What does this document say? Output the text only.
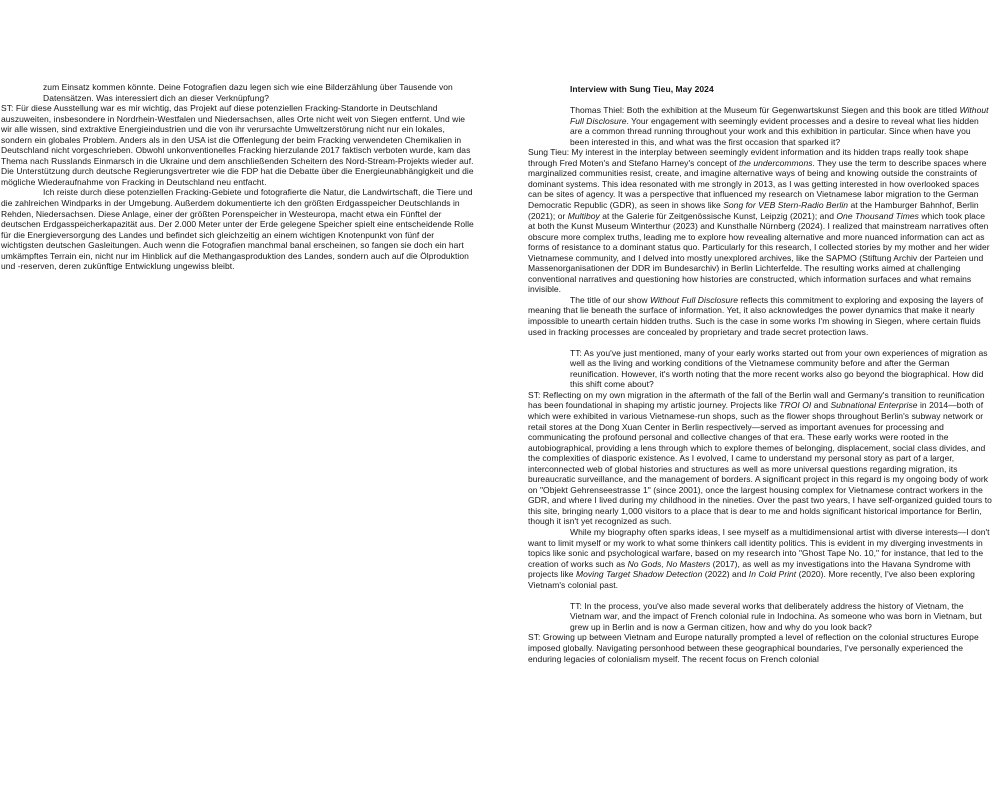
zum Einsatz kommen könnte. Deine Fotografien dazu legen sich wie eine Bilderzählung über Tausende von Datensätzen. Was interessiert dich an dieser Verknüpfung?

ST: Für diese Ausstellung war es mir wichtig, das Projekt auf diese potenziellen Fracking-Standorte in Deutschland auszuweiten, insbesondere in Nordrhein-Westfalen und Niedersachsen, alles Orte nicht weit von Siegen entfernt. Und wie wir alle wissen, sind extraktive Energieindustrien und die von ihr verursachte Umweltzerstörung nicht nur ein lokales, sondern ein globales Problem. Anders als in den USA ist die Offenlegung der beim Fracking verwendeten Chemikalien in Deutschland nicht vorgeschrieben. Obwohl unkonventionelles Fracking hierzulande 2017 faktisch verboten wurde, kam das Thema nach Russlands Einmarsch in die Ukraine und dem anschließenden Scheitern des Nord-Stream-Projekts wieder auf. Die Unterstützung durch deutsche Regierungsvertreter wie die FDP hat die Debatte über die Energieunabhängigkeit und die mögliche Wiederaufnahme von Fracking in Deutschland neu entfacht.

Ich reiste durch diese potenziellen Fracking-Gebiete und fotografierte die Natur, die Landwirtschaft, die Tiere und die zahlreichen Windparks in der Umgebung. Außerdem dokumentierte ich den größten Erdgasspeicher Deutschlands in Rehden, Niedersachsen. Diese Anlage, einer der größten Porenspeicher in Westeuropa, macht etwa ein Fünftel der deutschen Erdgasspeicherkapazität aus. Der 2.000 Meter unter der Erde gelegene Speicher spielt eine entscheidende Rolle für die Energieversorgung des Landes und befindet sich gleichzeitig an einem wichtigen Knotenpunkt von fünf der wichtigsten deutschen Gasleitungen. Auch wenn die Fotografien manchmal banal erscheinen, so fangen sie doch ein hart umkämpftes Terrain ein, nicht nur im Hinblick auf die Methangasproduktion des Landes, sondern auch auf die Ölproduktion und -reserven, deren zukünftige Entwicklung ungewiss bleibt.

Interview with Sung Tieu, May 2024

Thomas Thiel: Both the exhibition at the Museum für Gegenwartskunst Siegen and this book are titled Without Full Disclosure. Your engagement with seemingly evident processes and a desire to reveal what lies hidden are a common thread running throughout your work and this exhibition in particular. Since when have you been interested in this, and what was the first occasion that sparked it?

Sung Tieu: My interest in the interplay between seemingly evident information and its hidden traps really took shape through Fred Moten's and Stefano Harney's concept of the undercommons. They use the term to describe spaces where marginalized communities resist, create, and imagine alternative ways of being and knowing outside the constraints of dominant systems. This idea resonated with me strongly in 2013, as I was getting interested in how overlooked spaces can be sites of agency. It was a perspective that influenced my research on Vietnamese labor migration to the German Democratic Republic (GDR), as seen in shows like Song for VEB Stern-Radio Berlin at the Hamburger Bahnhof, Berlin (2021); or Multiboy at the Galerie für Zeitgenössische Kunst, Leipzig (2021); and One Thousand Times which took place at both the Kunst Museum Winterthur (2023) and Kunsthalle Nürnberg (2024). I realized that mainstream narratives often obscure more complex truths, leading me to explore how revealing alternative and more nuanced information can act as forms of resistance to a dominant status quo. Particularly for this research, I collected stories by my mother and her wider Vietnamese community, and I delved into mostly unexplored archives, like the SAPMO (Stiftung Archiv der Parteien und Massenorganisationen der DDR im Bundesarchiv) in Berlin Lichterfelde. The resulting works aimed at challenging conventional narratives and questioning how histories are constructed, which information surfaces and what remains invisible.

The title of our show Without Full Disclosure reflects this commitment to exploring and exposing the layers of meaning that lie beneath the surface of information. Yet, it also acknowledges the power dynamics that make it nearly impossible to unearth certain hidden truths. Such is the case in some works I'm showing in Siegen, where certain fluids used in fracking processes are concealed by proprietary and trade secret protection laws.

TT: As you've just mentioned, many of your early works started out from your own experiences of migration as well as the living and working conditions of the Vietnamese community before and after the German reunification. However, it's worth noting that the more recent works also go beyond the biographical. How did this shift come about?

ST: Reflecting on my own migration in the aftermath of the fall of the Berlin wall and Germany's transition to reunification has been foundational in shaping my artistic journey. Projects like TROI OI and Subnational Enterprise in 2014—both of which were exhibited in various Vietnamese-run shops, such as the flower shops throughout Berlin's subway network or retail stores at the Dong Xuan Center in Berlin respectively—served as important avenues for processing and communicating the profound personal and collective changes of that era. These early works were rooted in the autobiographical, providing a lens through which to explore themes of belonging, displacement, social class divides, and the complexities of diasporic existence. As I evolved, I came to understand my personal story as part of a larger, interconnected web of global histories and structures as well as more universal questions regarding migration, its bureaucratic surveillance, and the management of borders. A significant project in this regard is my ongoing body of work on "Objekt Gehrenseestrasse 1" (since 2001), once the largest housing complex for Vietnamese contract workers in the GDR, and where I lived during my childhood in the nineties. Over the past two years, I have self-organized guided tours to this site, bringing nearly 1,000 visitors to a place that is dear to me and holds significant historical importance for Berlin, though it isn't yet recognized as such.

While my biography often sparks ideas, I see myself as a multidimensional artist with diverse interests—I don't want to limit myself or my work to what some thinkers call identity politics. This is evident in my diverging investments in topics like sonic and psychological warfare, based on my research into "Ghost Tape No. 10," for instance, that led to the creation of works such as No Gods, No Masters (2017), as well as my investigations into the Havana Syndrome with projects like Moving Target Shadow Detection (2022) and In Cold Print (2020). More recently, I've also been exploring Vietnam's colonial past.

TT: In the process, you've also made several works that deliberately address the history of Vietnam, the Vietnam war, and the impact of French colonial rule in Indochina. As someone who was born in Vietnam, but grew up in Berlin and is now a German citizen, how and why do you look back?

ST: Growing up between Vietnam and Europe naturally prompted a level of reflection on the colonial structures Europe imposed globally. Navigating personhood between these geographical boundaries, I've personally experienced the enduring legacies of colonialism myself. The recent focus on French colonial
